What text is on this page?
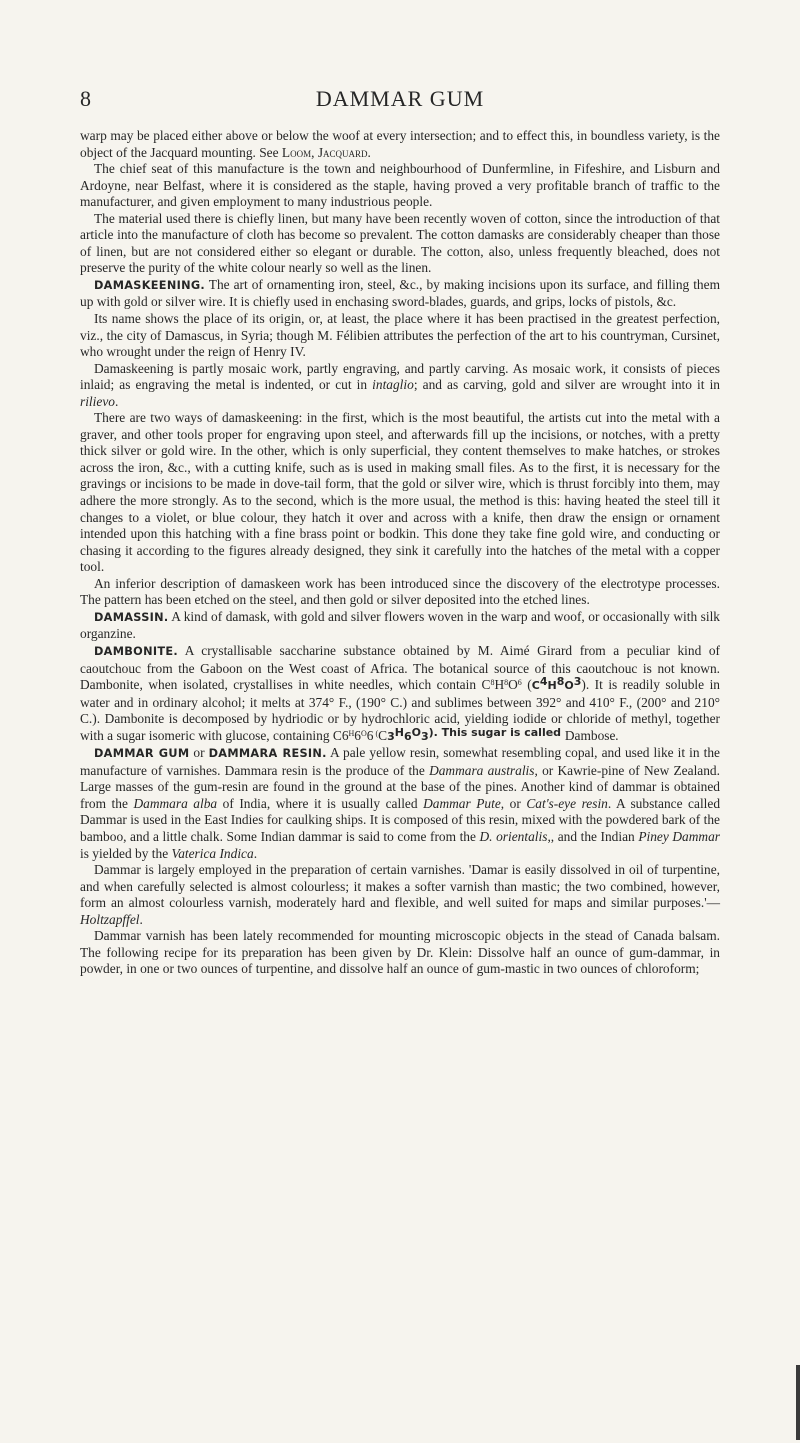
8	DAMMAR GUM

warp may be placed either above or below the woof at every intersection; and to effect this, in boundless variety, is the object of the Jacquard mounting. See Loom, Jacquard.

The chief seat of this manufacture is the town and neighbourhood of Dunfermline, in Fifeshire, and Lisburn and Ardoyne, near Belfast, where it is considered as the staple, having proved a very profitable branch of traffic to the manufacturer, and given employment to many industrious people.

The material used there is chiefly linen, but many have been recently woven of cotton, since the introduction of that article into the manufacture of cloth has become so prevalent. The cotton damasks are considerably cheaper than those of linen, but are not considered either so elegant or durable. The cotton, also, unless frequently bleached, does not preserve the purity of the white colour nearly so well as the linen.

DAMASKEENING. The art of ornamenting iron, steel, &c., by making incisions upon its surface, and filling them up with gold or silver wire. It is chiefly used in enchasing sword-blades, guards, and grips, locks of pistols, &c.

Its name shows the place of its origin, or, at least, the place where it has been practised in the greatest perfection, viz., the city of Damascus, in Syria; though M. Félibien attributes the perfection of the art to his countryman, Cursinet, who wrought under the reign of Henry IV.

Damaskeening is partly mosaic work, partly engraving, and partly carving. As mosaic work, it consists of pieces inlaid; as engraving the metal is indented, or cut in intaglio; and as carving, gold and silver are wrought into it in rilievo.

There are two ways of damaskeening: in the first, which is the most beautiful, the artists cut into the metal with a graver, and other tools proper for engraving upon steel, and afterwards fill up the incisions, or notches, with a pretty thick silver or gold wire. In the other, which is only superficial, they content themselves to make hatches, or strokes across the iron, &c., with a cutting knife, such as is used in making small files. As to the first, it is necessary for the gravings or incisions to be made in dove-tail form, that the gold or silver wire, which is thrust forcibly into them, may adhere the more strongly. As to the second, which is the more usual, the method is this: having heated the steel till it changes to a violet, or blue colour, they hatch it over and across with a knife, then draw the ensign or ornament intended upon this hatching with a fine brass point or bodkin. This done they take fine gold wire, and conducting or chasing it according to the figures already designed, they sink it carefully into the hatches of the metal with a copper tool.

An inferior description of damaskeen work has been introduced since the discovery of the electrotype processes. The pattern has been etched on the steel, and then gold or silver deposited into the etched lines.

DAMASSIN. A kind of damask, with gold and silver flowers woven in the warp and woof, or occasionally with silk organzine.

DAMBONITE. A crystallisable saccharine substance obtained by M. Aimé Girard from a peculiar kind of caoutchouc from the Gaboon on the West coast of Africa. The botanical source of this caoutchouc is not known. Dambonite, when isolated, crystallises in white needles, which contain $C^8H^8O^6$ $(C^4H^8O^3)$. It is readily soluble in water and in ordinary alcohol; it melts at 374° F., (190° C.) and sublimes between 392° and 410° F., (200° and 210° C.). Dambonite is decomposed by hydriodic or by hydrochloric acid, yielding iodide or chloride of methyl, together with a sugar isomeric with glucose, containing $C6^H6^O6$ $^(C3^H6^O3^{). This sugar is called}$ Dambose.

DAMMAR GUM or DAMMARA RESIN. A pale yellow resin, somewhat resembling copal, and used like it in the manufacture of varnishes. Dammara resin is the produce of the Dammara australis, or Kawrie-pine of New Zealand. Large masses of the gum-resin are found in the ground at the base of the pines. Another kind of dammar is obtained from the Dammara alba of India, where it is usually called Dammar Pute, or Cat's-eye resin. A substance called Dammar is used in the East Indies for caulking ships. It is composed of this resin, mixed with the powdered bark of the bamboo, and a little chalk. Some Indian dammar is said to come from the D. orientalis,, and the Indian Piney Dammar is yielded by the Vaterica Indica.

Dammar is largely employed in the preparation of certain varnishes. 'Damar is easily dissolved in oil of turpentine, and when carefully selected is almost colourless; it makes a softer varnish than mastic; the two combined, however, form an almost colourless varnish, moderately hard and flexible, and well suited for maps and similar purposes.'—Holtzapffel.

Dammar varnish has been lately recommended for mounting microscopic objects in the stead of Canada balsam. The following recipe for its preparation has been given by Dr. Klein: Dissolve half an ounce of gum-dammar, in powder, in one or two ounces of turpentine, and dissolve half an ounce of gum-mastic in two ounces of chloroform;
